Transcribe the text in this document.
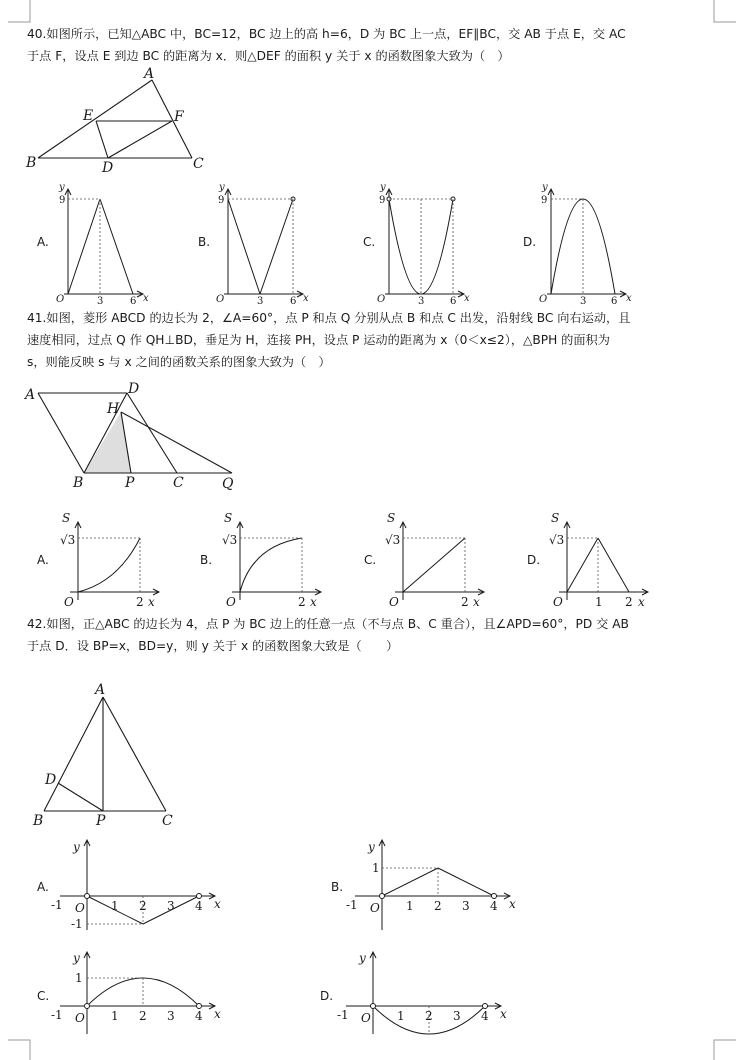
40.如图所示，已知△ABC 中，BC=12，BC 边上的高 h=6，D 为 BC 上一点，EF∥BC，交 AB 于点 E，交 AC
于点 F，设点 E 到边 BC 的距离为 x．则△DEF 的面积 y 关于 x 的函数图象大致为（　）
A
B	C
D
E	F
y
9
O	3	6 x
A.
y
9
O	3	6 x
B.
y
9
O	3	6 x
C.
y
9
O	3 6 x
D.
41.如图，菱形 ABCD 的边长为 2，∠A=60°，点 P 和点 Q 分别从点 B 和点 C 出发，沿射线 BC 向右运动，且
速度相同，过点 Q 作 QH⊥BD，垂足为 H，连接 PH，设点 P 运动的距离为 x（0＜x≤2），△BPH 的面积为
s，则能反映 s 与 x 之间的函数关系的图象大致为（　）
A	D
H
B	P	C	Q
S
√3
O	2 x
A.
S
√3
O	2 x
B.
S
√3
O	2 x
C.
S
√3
O	1 2 x
D.
42.如图，正△ABC 的边长为 4，点 P 为 BC 边上的任意一点（不与点 B、C 重合），且∠APD=60°，PD 交 AB
于点 D．设 BP=x，BD=y，则 y 关于 x 的函数图象大致是（　　）
A
D
B	P	C
y
-1 O 1 2 3 4 x
-1
A.
y
1
-1 O 1 2 3 4 x
B.
y
1
-1 O 1 2 3 4 x
C.
y
-1 O 1 2 3 4 x
D.
